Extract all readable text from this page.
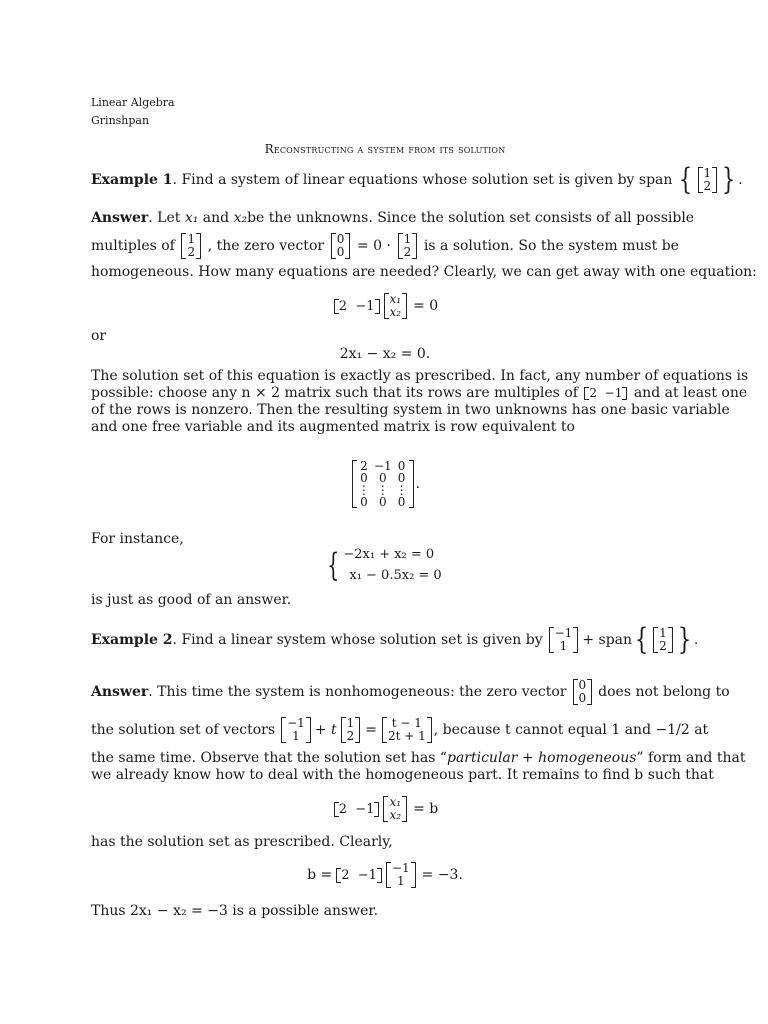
Linear Algebra
Grinshpan
Reconstructing a system from its solution
Example 1 . Find a system of linear equations whose solution set is given by span { 1
2 } .
Answer. Let x₁ and x₂ be the unknowns. Since the solution set consists of all possible
multiples of 1
2 , the zero vector 0
0 = 0 · 1
2 is a solution. So the system must be
homogeneous. How many equations are needed? Clearly, we can get away with one equation:
2 −1	x₁
x₂ = 0
or
2x₁ − x₂ = 0.
The solution set of this equation is exactly as prescribed. In fact, any number of equations is
possible: choose any n × 2 matrix such that its rows are multiples of 2 −1 and at least one
of the rows is nonzero. Then the resulting system in two unknowns has one basic variable
and one free variable and its augmented matrix is row equivalent to
2	−1	0
0	0	0
⋮	⋮	⋮
0	0	0
.
For instance,
{ −2x₁ + x₂ = 0
x₁ − 0.5x₂ = 0
is just as good of an answer.
Example 2 . Find a linear system whose solution set is given by −1
1 + span { 1
2 } .
Answer . This time the system is nonhomogeneous: the zero vector 0
0 does not belong to
the solution set of vectors −1
1 + t 1
2 = t − 1
2t + 1 , because t cannot equal 1 and −1/2 at
the same time. Observe that the solution set has “particular + homogeneous” form and that
we already know how to deal with the homogeneous part. It remains to find b such that
2 −1	x₁
x₂ = b
has the solution set as prescribed. Clearly,
b = 2 −1	−1
1 = −3.
Thus 2x₁ − x₂ = −3 is a possible answer.
